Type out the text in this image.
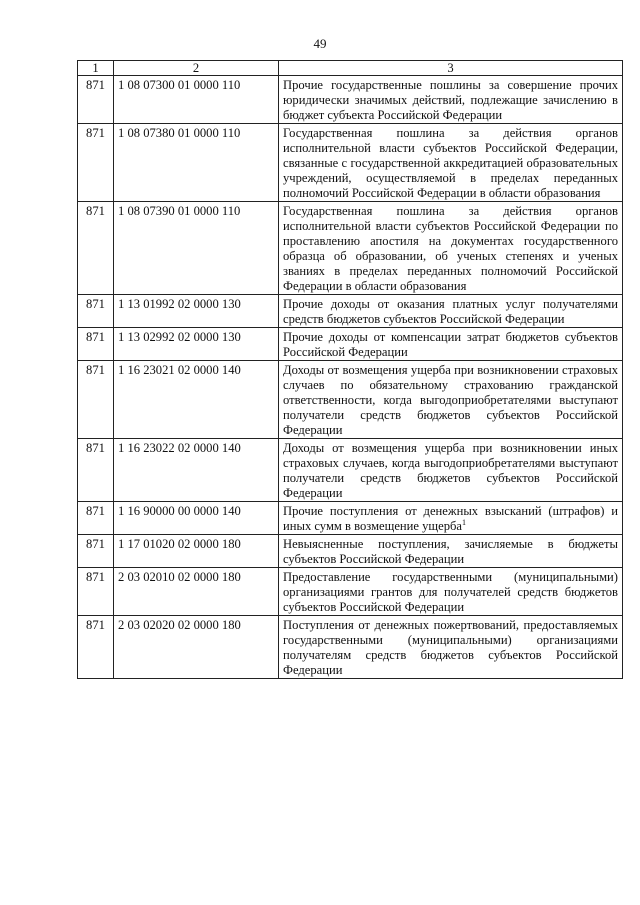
49
1	2	3
871	1 08 07300 01 0000 110	Прочие государственные пошлины за совершение прочих юридически значимых действий, подлежащие зачислению в бюджет субъекта Российской Федерации
871	1 08 07380 01 0000 110	Государственная пошлина за действия органов исполнительной власти субъектов Российской Федерации, связанные с государственной аккредитацией образовательных учреждений, осуществляемой в пределах переданных полномочий Российской Федерации в области образования
871	1 08 07390 01 0000 110	Государственная пошлина за действия органов исполнительной власти субъектов Российской Федерации по проставлению апостиля на документах государственного образца об образовании, об ученых степенях и ученых званиях в пределах переданных полномочий Российской Федерации в области образования
871	1 13 01992 02 0000 130	Прочие доходы от оказания платных услуг получателями средств бюджетов субъектов Российской Федерации
871	1 13 02992 02 0000 130	Прочие доходы от компенсации затрат бюджетов субъектов Российской Федерации
871	1 16 23021 02 0000 140	Доходы от возмещения ущерба при возникновении страховых случаев по обязательному страхованию гражданской ответственности, когда выгодоприобретателями выступают получатели средств бюджетов субъектов Российской Федерации
871	1 16 23022 02 0000 140	Доходы от возмещения ущерба при возникновении иных страховых случаев, когда выгодоприобретателями выступают получатели средств бюджетов субъектов Российской Федерации
871	1 16 90000 00 0000 140	Прочие поступления от денежных взысканий (штрафов) и иных сумм в возмещение ущерба$^1$
871	1 17 01020 02 0000 180	Невыясненные поступления, зачисляемые в бюджеты субъектов Российской Федерации
871	2 03 02010 02 0000 180	Предоставление государственными (муниципальными) организациями грантов для получателей средств бюджетов субъектов Российской Федерации
871	2 03 02020 02 0000 180	Поступления от денежных пожертвований, предоставляемых государственными (муниципальными) организациями получателям средств бюджетов субъектов Российской Федерации
